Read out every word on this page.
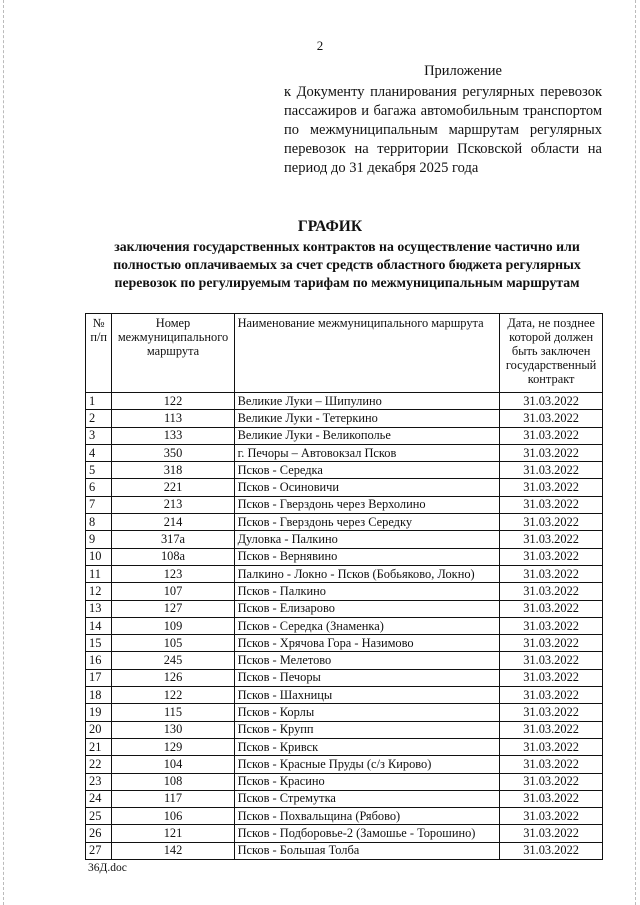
2
Приложение
к Документу планирования регулярных перевозок пассажиров и багажа автомобильным транспортом по межмуниципальным маршрутам регулярных перевозок на территории Псковской области на период до 31 декабря 2025 года
ГРАФИК
заключения государственных контрактов на осуществление частично или полностью оплачиваемых за счет средств областного бюджета регулярных перевозок по регулируемым тарифам по межмуниципальным маршрутам
№ п/п	Номер межмуниципального маршрута	Наименование межмуниципального маршрута	Дата, не позднее которой должен быть заключен государственный контракт
1	122	Великие Луки – Шипулино	31.03.2022
2	113	Великие Луки - Тетеркино	31.03.2022
3	133	Великие Луки - Великополье	31.03.2022
4	350	г. Печоры – Автовокзал Псков	31.03.2022
5	318	Псков - Середка	31.03.2022
6	221	Псков - Осиновичи	31.03.2022
7	213	Псков - Гверздонь через Верхолино	31.03.2022
8	214	Псков - Гверздонь через Середку	31.03.2022
9	317а	Дуловка - Палкино	31.03.2022
10	108а	Псков - Вернявино	31.03.2022
11	123	Палкино - Локно - Псков (Бобьяково, Локно)	31.03.2022
12	107	Псков - Палкино	31.03.2022
13	127	Псков - Елизарово	31.03.2022
14	109	Псков - Середка (Знаменка)	31.03.2022
15	105	Псков - Хрячова Гора - Назимово	31.03.2022
16	245	Псков - Мелетово	31.03.2022
17	126	Псков - Печоры	31.03.2022
18	122	Псков - Шахницы	31.03.2022
19	115	Псков - Корлы	31.03.2022
20	130	Псков - Крупп	31.03.2022
21	129	Псков - Кривск	31.03.2022
22	104	Псков - Красные Пруды (с/з Кирово)	31.03.2022
23	108	Псков - Красино	31.03.2022
24	117	Псков - Стремутка	31.03.2022
25	106	Псков - Похвальщина (Рябово)	31.03.2022
26	121	Псков - Подборовье-2 (Замошье - Торошино)	31.03.2022
27	142	Псков - Большая Толба	31.03.2022
36Д.doc
